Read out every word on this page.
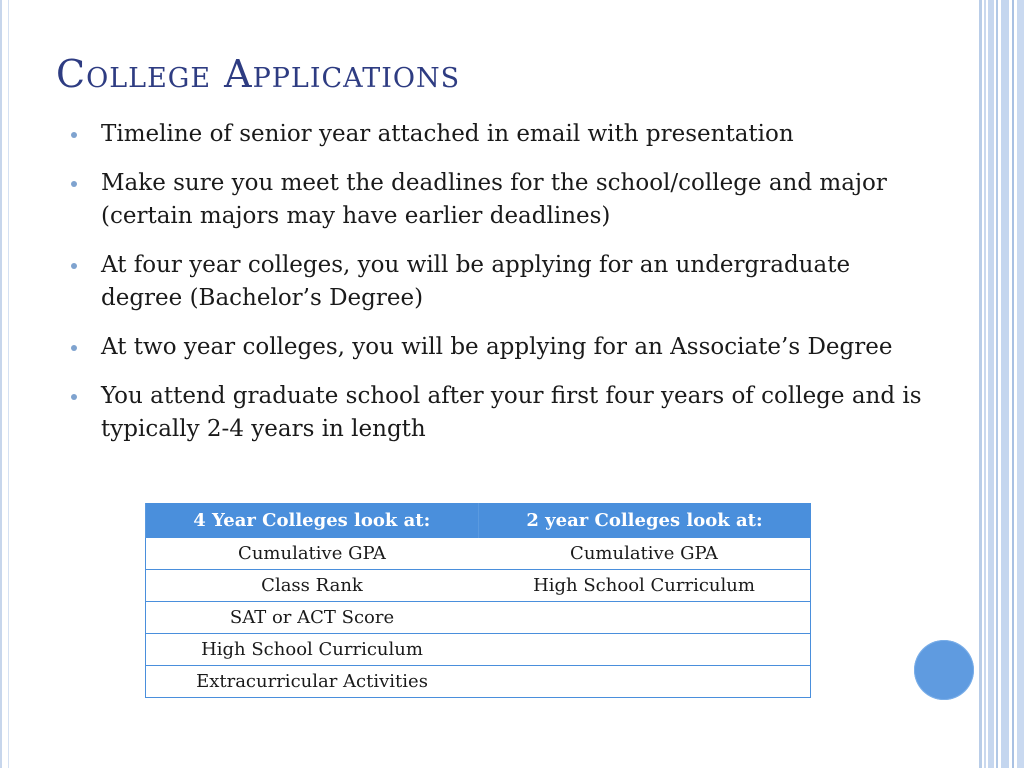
College Applications
Timeline of senior year attached in email with presentation
Make sure you meet the deadlines for the school/college and major (certain majors may have earlier deadlines)
At four year colleges, you will be applying for an undergraduate degree (Bachelor’s Degree)
At two year colleges, you will be applying for an Associate’s Degree
You attend graduate school after your first four years of college and is typically 2-4 years in length
4 Year Colleges look at:	2 year Colleges look at:
Cumulative GPA	Cumulative GPA
Class Rank	High School Curriculum
SAT or ACT Score	
High School Curriculum	
Extracurricular Activities	
